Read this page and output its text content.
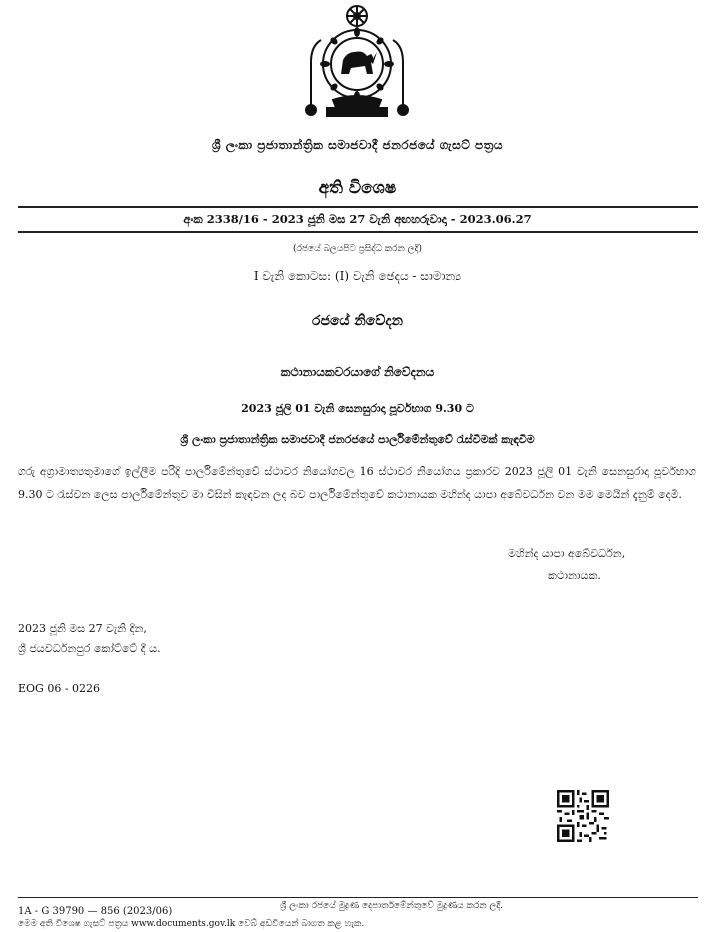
ශ්‍රී ලංකා ප්‍රජාතාන්ත්‍රික සමාජවාදී ජනරජයේ ගැසට් පත්‍රය
අති විශෙෂ
අංක 2338/16 - 2023 ජූනි මස 27 වැනි අඟහරුවාදා - 2023.06.27
(රජයේ බලයපිට ප්‍රසිද්ධ කරන ලදි)
I වැනි කොටස: (I) වැනි ඡෙදය - සාමාන්‍ය
රජයේ නිවේදන
කථානායකවරයාගේ නිවේදනය
2023 ජූලි 01 වැනි සෙනසුරාදා පූර්වභාග 9.30 ට
ශ්‍රී ලංකා ප්‍රජාතාන්ත්‍රික සමාජවාදී ජනරජයේ පාර්ලිමේන්තුවේ රැස්වීමක් කැඳවීම
ගරු අග්‍රාමාත්‍යතුමාගේ ඉල්ලීම පරිදි පාර්ලිමේන්තුවේ ස්ථාවර නියෝගවල 16 ස්ථාවර නියෝගය ප්‍රකාරව 2023 ජූලි 01 වැනි සෙනසුරාදා පූර්වභාග 9.30 ට රැස්වන ලෙස පාර්ලිමේන්තුව මා විසින් කැඳවන ලද බව පාර්ලිමේන්තුවේ කථානායක මහින්ද යාපා අබේවර්ධන වන මම මෙයින් දැනුම් දෙමි.
මහින්ද යාපා අබේවර්ධන,
කථානායක.
2023 ජූනි මස 27 වැනි දින,
ශ්‍රී ජයවර්ධනපුර කෝට්ටේ දී ය.
EOG 06 - 0226
ශ්‍රී ලංකා රජයේ මුද්‍රණ දෙපාර්තමේන්තුවේ මුද්‍රණය කරන ලදී.
1A - G 39790 — 856 (2023/06)
මෙම අති විශෙෂ ගැසට් පත්‍රය www.documents.gov.lk වෙබ් අඩවියෙන් බාගත කළ හැක.
